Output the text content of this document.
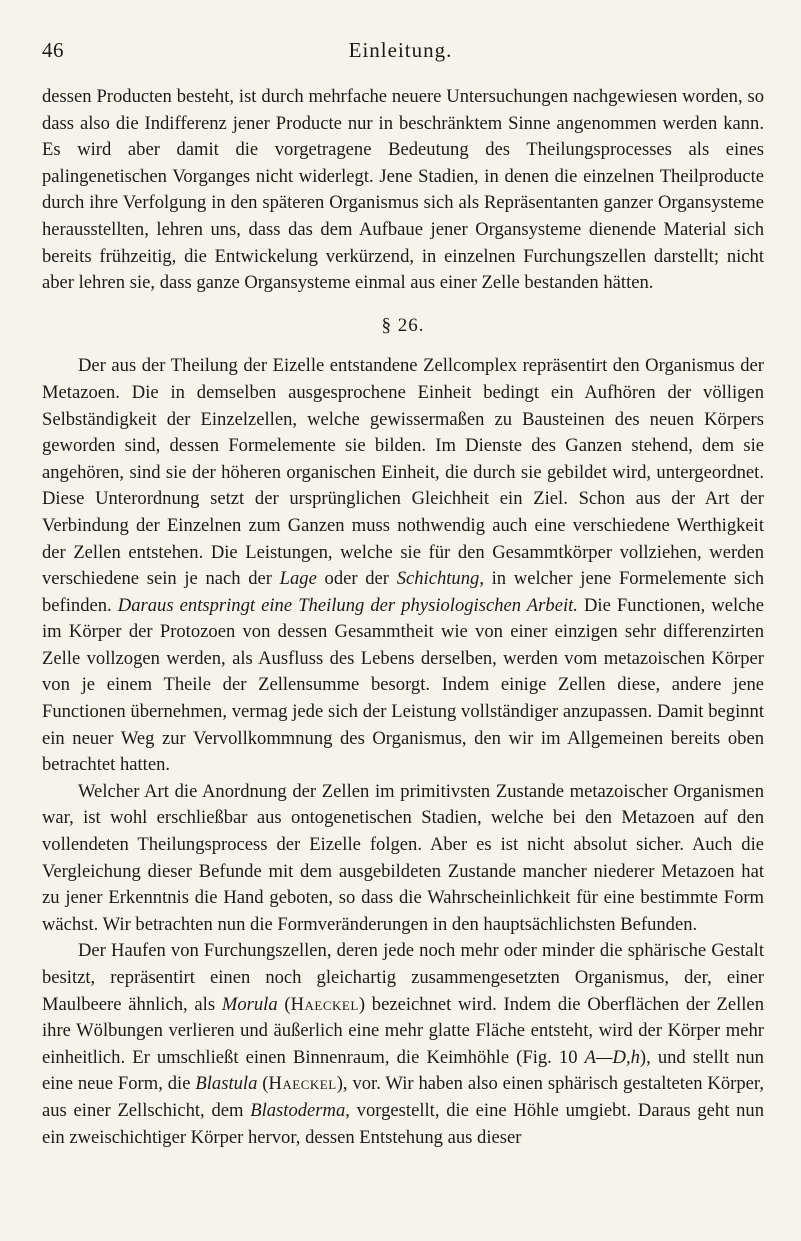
46	Einleitung.

dessen Producten besteht, ist durch mehrfache neuere Untersuchungen nachgewiesen worden, so dass also die Indifferenz jener Producte nur in beschränktem Sinne angenommen werden kann. Es wird aber damit die vorgetragene Bedeutung des Theilungsprocesses als eines palingenetischen Vorganges nicht widerlegt. Jene Stadien, in denen die einzelnen Theilproducte durch ihre Verfolgung in den späteren Organismus sich als Repräsentanten ganzer Organsysteme herausstellten, lehren uns, dass das dem Aufbaue jener Organsysteme dienende Material sich bereits frühzeitig, die Entwickelung verkürzend, in einzelnen Furchungszellen darstellt; nicht aber lehren sie, dass ganze Organsysteme einmal aus einer Zelle bestanden hätten.

§ 26.

Der aus der Theilung der Eizelle entstandene Zellcomplex repräsentirt den Organismus der Metazoen. Die in demselben ausgesprochene Einheit bedingt ein Aufhören der völligen Selbständigkeit der Einzelzellen, welche gewissermaßen zu Bausteinen des neuen Körpers geworden sind, dessen Formelemente sie bilden. Im Dienste des Ganzen stehend, dem sie angehören, sind sie der höheren organischen Einheit, die durch sie gebildet wird, untergeordnet. Diese Unterordnung setzt der ursprünglichen Gleichheit ein Ziel. Schon aus der Art der Verbindung der Einzelnen zum Ganzen muss nothwendig auch eine verschiedene Werthigkeit der Zellen entstehen. Die Leistungen, welche sie für den Gesammtkörper vollziehen, werden verschiedene sein je nach der Lage oder der Schichtung, in welcher jene Formelemente sich befinden. Daraus entspringt eine Theilung der physiologischen Arbeit. Die Functionen, welche im Körper der Protozoen von dessen Gesammtheit wie von einer einzigen sehr differenzirten Zelle vollzogen werden, als Ausfluss des Lebens derselben, werden vom metazoischen Körper von je einem Theile der Zellensumme besorgt. Indem einige Zellen diese, andere jene Functionen übernehmen, vermag jede sich der Leistung vollständiger anzupassen. Damit beginnt ein neuer Weg zur Vervollkommnung des Organismus, den wir im Allgemeinen bereits oben betrachtet hatten.

Welcher Art die Anordnung der Zellen im primitivsten Zustande metazoischer Organismen war, ist wohl erschließbar aus ontogenetischen Stadien, welche bei den Metazoen auf den vollendeten Theilungsprocess der Eizelle folgen. Aber es ist nicht absolut sicher. Auch die Vergleichung dieser Befunde mit dem ausgebildeten Zustande mancher niederer Metazoen hat zu jener Erkenntnis die Hand geboten, so dass die Wahrscheinlichkeit für eine bestimmte Form wächst. Wir betrachten nun die Formveränderungen in den hauptsächlichsten Befunden.

Der Haufen von Furchungszellen, deren jede noch mehr oder minder die sphärische Gestalt besitzt, repräsentirt einen noch gleichartig zusammengesetzten Organismus, der, einer Maulbeere ähnlich, als Morula (Haeckel) bezeichnet wird. Indem die Oberflächen der Zellen ihre Wölbungen verlieren und äußerlich eine mehr glatte Fläche entsteht, wird der Körper mehr einheitlich. Er umschließt einen Binnenraum, die Keimhöhle (Fig. 10 A—D,h), und stellt nun eine neue Form, die Blastula (Haeckel), vor. Wir haben also einen sphärisch gestalteten Körper, aus einer Zellschicht, dem Blastoderma, vorgestellt, die eine Höhle umgiebt. Daraus geht nun ein zweischichtiger Körper hervor, dessen Entstehung aus dieser
